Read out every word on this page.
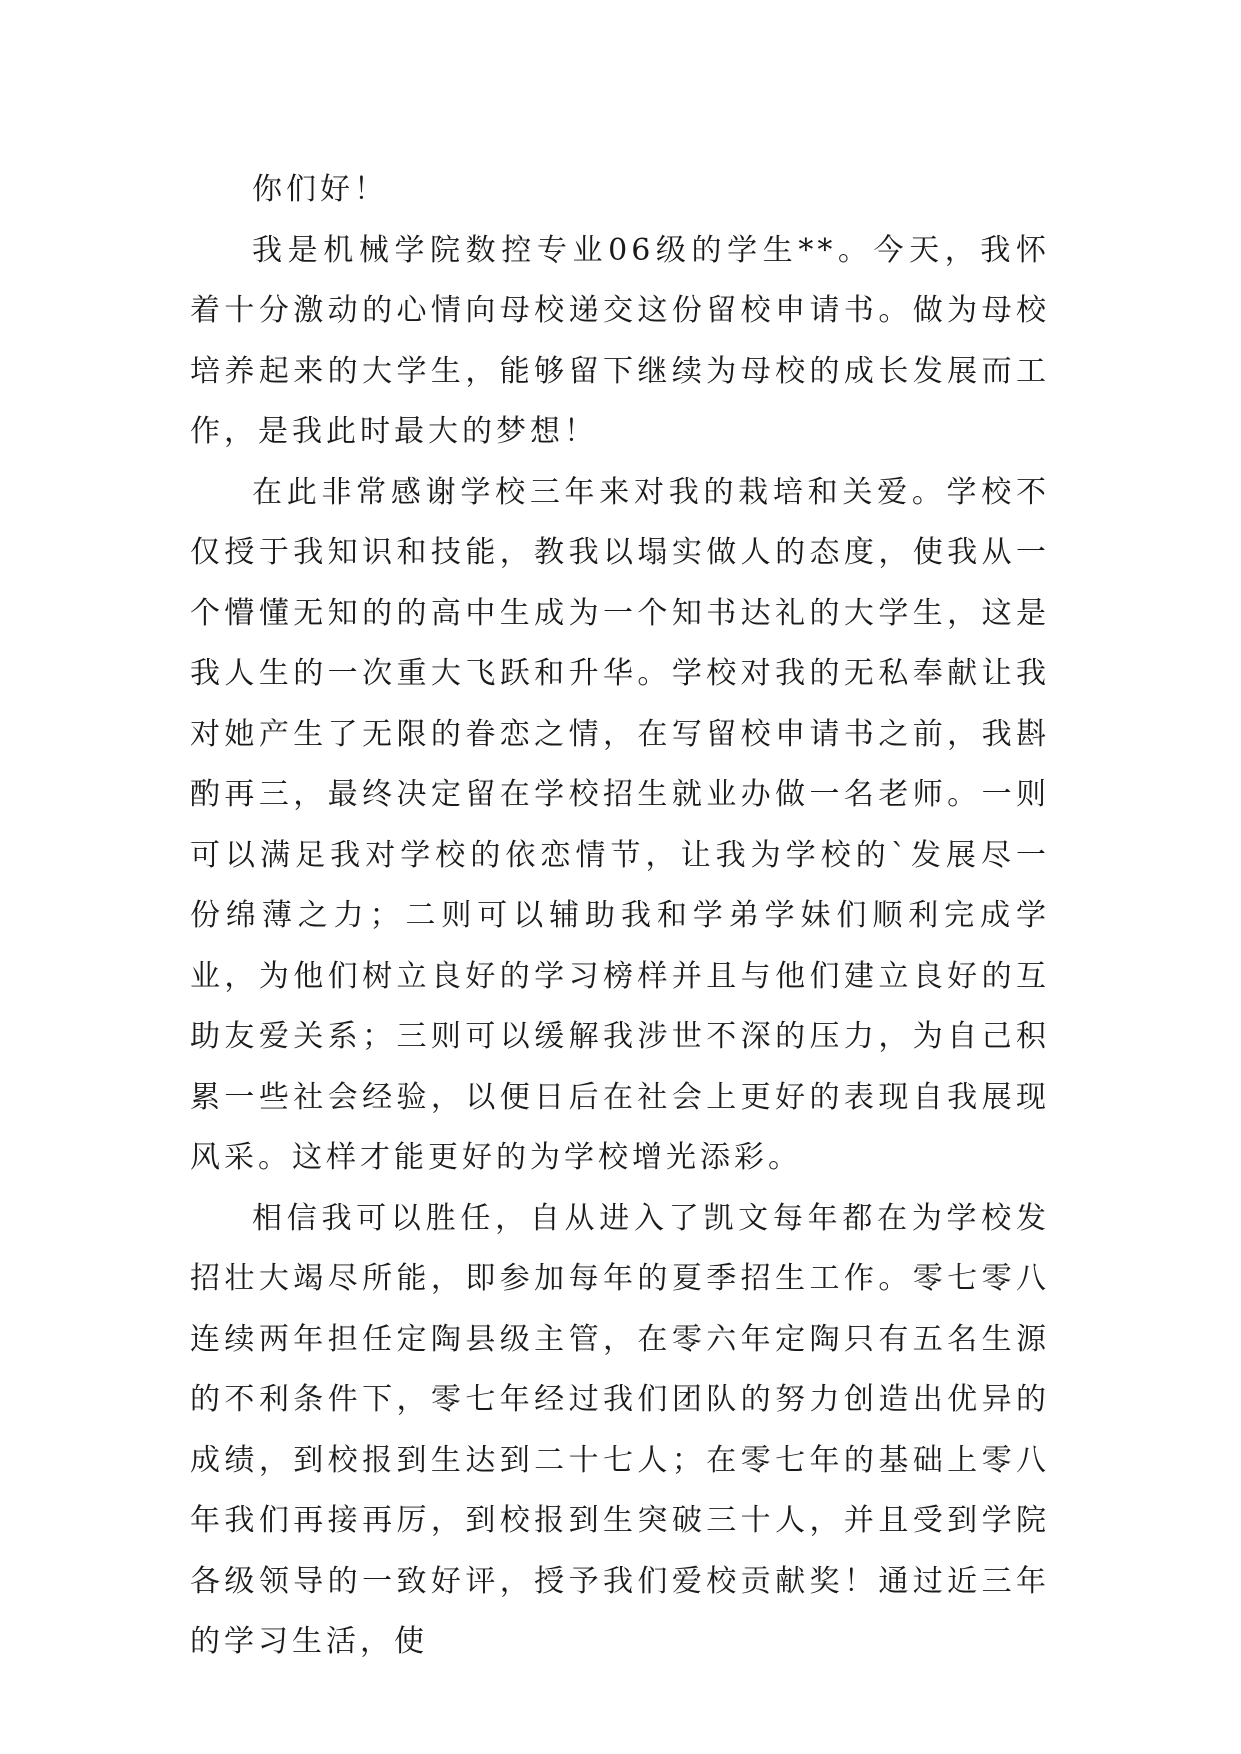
你们好！

我是机械学院数控专业06级的学生**。今天，我怀着十分激动的心情向母校递交这份留校申请书。做为母校培养起来的大学生，能够留下继续为母校的成长发展而工作，是我此时最大的梦想！

在此非常感谢学校三年来对我的栽培和关爱。学校不仅授于我知识和技能，教我以塌实做人的态度，使我从一个懵懂无知的的高中生成为一个知书达礼的大学生，这是我人生的一次重大飞跃和升华。学校对我的无私奉献让我对她产生了无限的眷恋之情，在写留校申请书之前，我斟酌再三，最终决定留在学校招生就业办做一名老师。一则可以满足我对学校的依恋情节，让我为学校的`发展尽一份绵薄之力；二则可以辅助我和学弟学妹们顺利完成学业，为他们树立良好的学习榜样并且与他们建立良好的互助友爱关系；三则可以缓解我涉世不深的压力，为自己积累一些社会经验，以便日后在社会上更好的表现自我展现风采。这样才能更好的为学校增光添彩。

相信我可以胜任，自从进入了凯文每年都在为学校发招壮大竭尽所能，即参加每年的夏季招生工作。零七零八连续两年担任定陶县级主管，在零六年定陶只有五名生源的不利条件下，零七年经过我们团队的努力创造出优异的成绩，到校报到生达到二十七人；在零七年的基础上零八年我们再接再厉，到校报到生突破三十人，并且受到学院各级领导的一致好评，授予我们爱校贡献奖！通过近三年的学习生活，使
